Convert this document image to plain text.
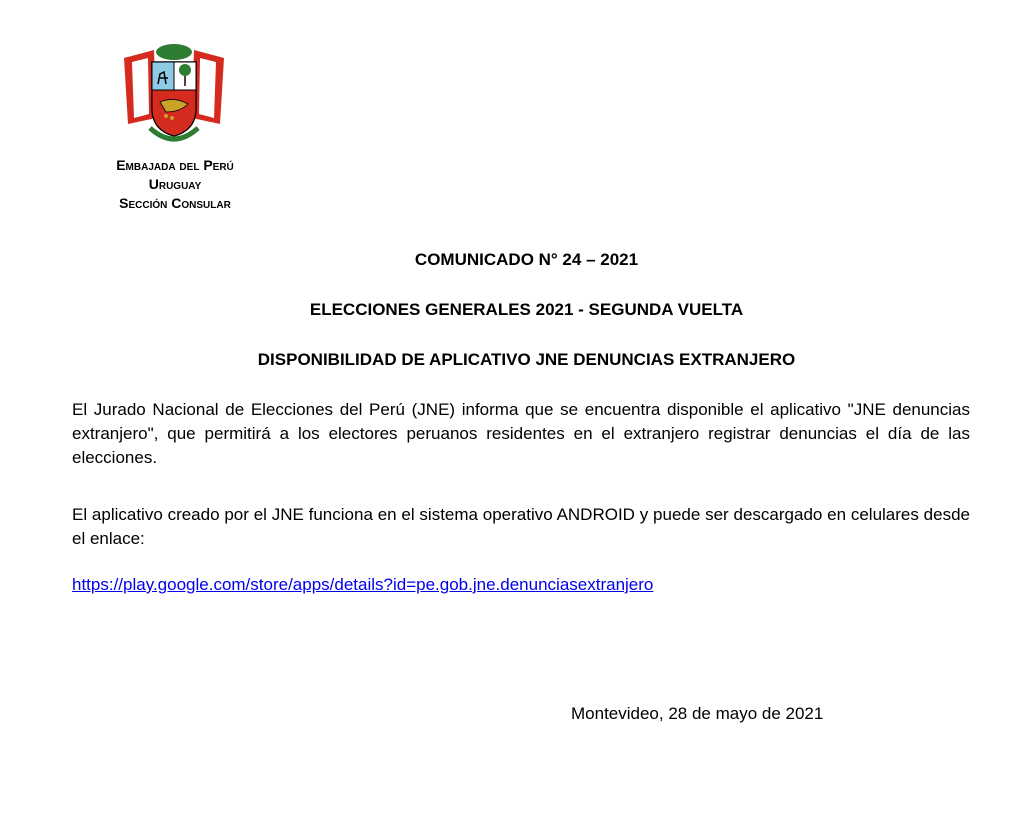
Embajada del Perú
Uruguay
Sección Consular
COMUNICADO N° 24 – 2021
ELECCIONES GENERALES 2021 - SEGUNDA VUELTA
DISPONIBILIDAD DE APLICATIVO JNE DENUNCIAS EXTRANJERO
El Jurado Nacional de Elecciones del Perú (JNE) informa que se encuentra disponible el aplicativo "JNE denuncias extranjero", que permitirá a los electores peruanos residentes en el extranjero registrar denuncias el día de las elecciones.
El aplicativo creado por el JNE funciona en el sistema operativo ANDROID y puede ser descargado en celulares desde el enlace:
https://play.google.com/store/apps/details?id=pe.gob.jne.denunciasextranjero
Montevideo, 28 de mayo de 2021
